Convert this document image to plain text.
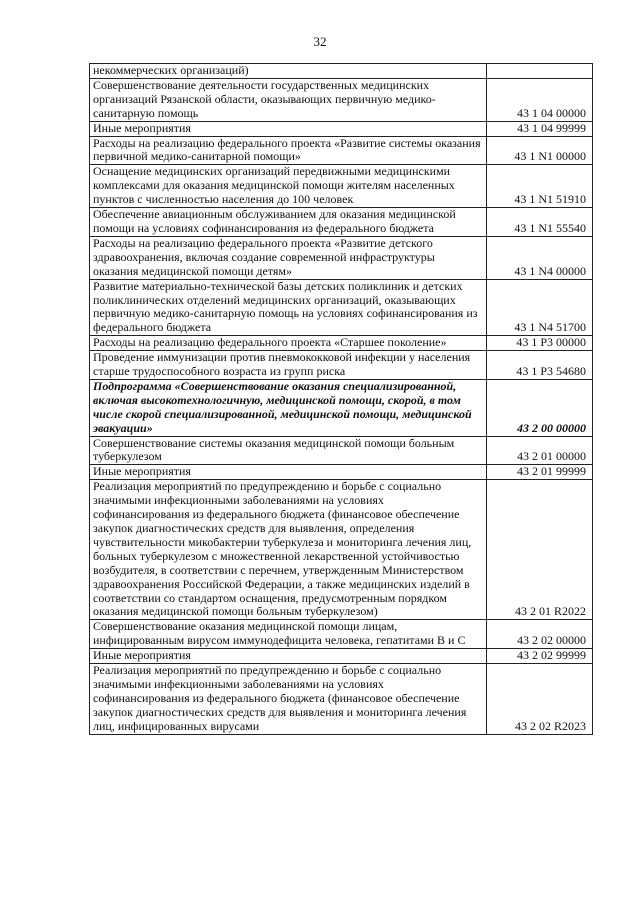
32
некоммерческих организаций)	
Совершенствование деятельности государственных медицинских организаций Рязанской области, оказывающих первичную медико-санитарную помощь	43 1 04 00000
Иные мероприятия	43 1 04 99999
Расходы на реализацию федерального проекта «Развитие системы оказания первичной медико-санитарной помощи»	43 1 N1 00000
Оснащение медицинских организаций передвижными медицинскими комплексами для оказания медицинской помощи жителям населенных пунктов с численностью населения до 100 человек	43 1 N1 51910
Обеспечение авиационным обслуживанием для оказания медицинской помощи на условиях софинансирования из федерального бюджета	43 1 N1 55540
Расходы на реализацию федерального проекта «Развитие детского здравоохранения, включая создание современной инфраструктуры оказания медицинской помощи детям»	43 1 N4 00000
Развитие материально-технической базы детских поликлиник и детских поликлинических отделений медицинских организаций, оказывающих первичную медико-санитарную помощь на условиях софинансирования из федерального бюджета	43 1 N4 51700
Расходы на реализацию федерального проекта «Старшее поколение»	43 1 P3 00000
Проведение иммунизации против пневмококковой инфекции у населения старше трудоспособного возраста из групп риска	43 1 P3 54680
Подпрограмма «Совершенствование оказания специализированной, включая высокотехнологичную, медицинской помощи, скорой, в том числе скорой специализированной, медицинской помощи, медицинской эвакуации»	43 2 00 00000
Совершенствование системы оказания медицинской помощи больным туберкулезом	43 2 01 00000
Иные мероприятия	43 2 01 99999
Реализация мероприятий по предупреждению и борьбе с социально значимыми инфекционными заболеваниями на условиях софинансирования из федерального бюджета (финансовое обеспечение закупок диагностических средств для выявления, определения чувствительности микобактерии туберкулеза и мониторинга лечения лиц, больных туберкулезом с множественной лекарственной устойчивостью возбудителя, в соответствии с перечнем, утвержденным Министерством здравоохранения Российской Федерации, а также медицинских изделий в соответствии со стандартом оснащения, предусмотренным порядком оказания медицинской помощи больным туберкулезом)	43 2 01 R2022
Совершенствование оказания медицинской помощи лицам, инфицированным вирусом иммунодефицита человека, гепатитами В и С	43 2 02 00000
Иные мероприятия	43 2 02 99999
Реализация мероприятий по предупреждению и борьбе с социально значимыми инфекционными заболеваниями на условиях софинансирования из федерального бюджета (финансовое обеспечение закупок диагностических средств для выявления и мониторинга лечения лиц, инфицированных вирусами	43 2 02 R2023
